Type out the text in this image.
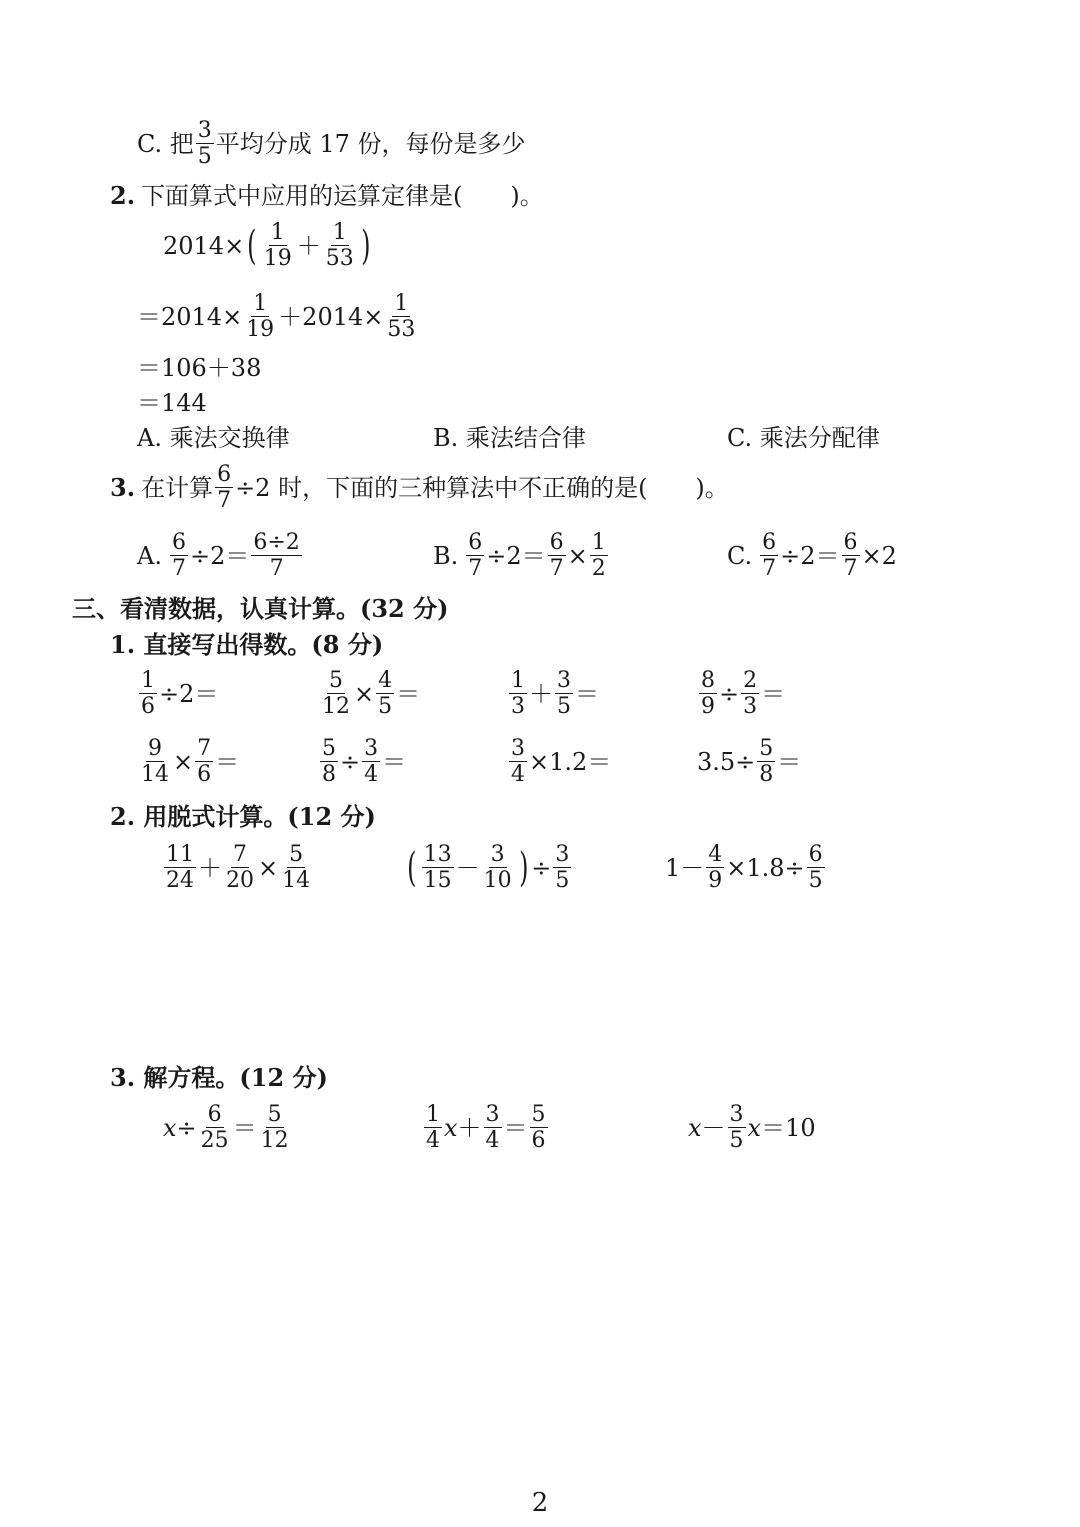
C. 把 $\frac{3}{5}$ 平均分成 17 份，每份是多少
2. 下面算式中应用的运算定律是(　　)。
2014× ( $\frac{1}{19} + \frac{1}{53}$ )
$=2014\times \frac{1}{19} +2014\times \frac{1}{53}$
＝106＋38
＝144
A. 乘法交换律	B. 乘法结合律	C. 乘法分配律
3. 在计算 $\frac{6}{7} \div 2$ 时，下面的三种算法中不正确的是(　　)。
A. $\frac{6}{7} \div 2= \frac{6\div 2}{7}$	B. $\frac{6}{7} \div 2= \frac{6}{7} \times \frac{1}{2}$	C. $\frac{6}{7} \div 2= \frac{6}{7} \times 2$
三、看清数据，认真计算。(32 分)
1. 直接写出得数。(8 分)
$\frac{1}{6} \div 2=$	$\frac{5}{12} \times \frac{4}{5}$ ＝	$\frac{1}{3} + \frac{3}{5}$ ＝	$\frac{8}{9} \div \frac{2}{3}$ ＝
$\frac{9}{14} \times \frac{7}{6}$ ＝	$\frac{5}{8} \div \frac{3}{4}$ ＝	$\frac{3}{4} \times 1.2=$	$3.5\div \frac{5}{8}$ ＝
2. 用脱式计算。(12 分)
$\frac{11}{24} + \frac{7}{20} \times \frac{5}{14}$ ( $\frac{13}{15} - \frac{3}{10}$ ) ÷ $\frac{3}{5}$	$1- \frac{4}{9} \times 1.8\div \frac{6}{5}$
3. 解方程。(12 分)
$x \div \frac{6}{25} = \frac{5}{12}$	$\frac{1}{4}$ $x + \frac{3}{4} = \frac{5}{6}$	$x - \frac{3}{5}$ x ＝10
2
